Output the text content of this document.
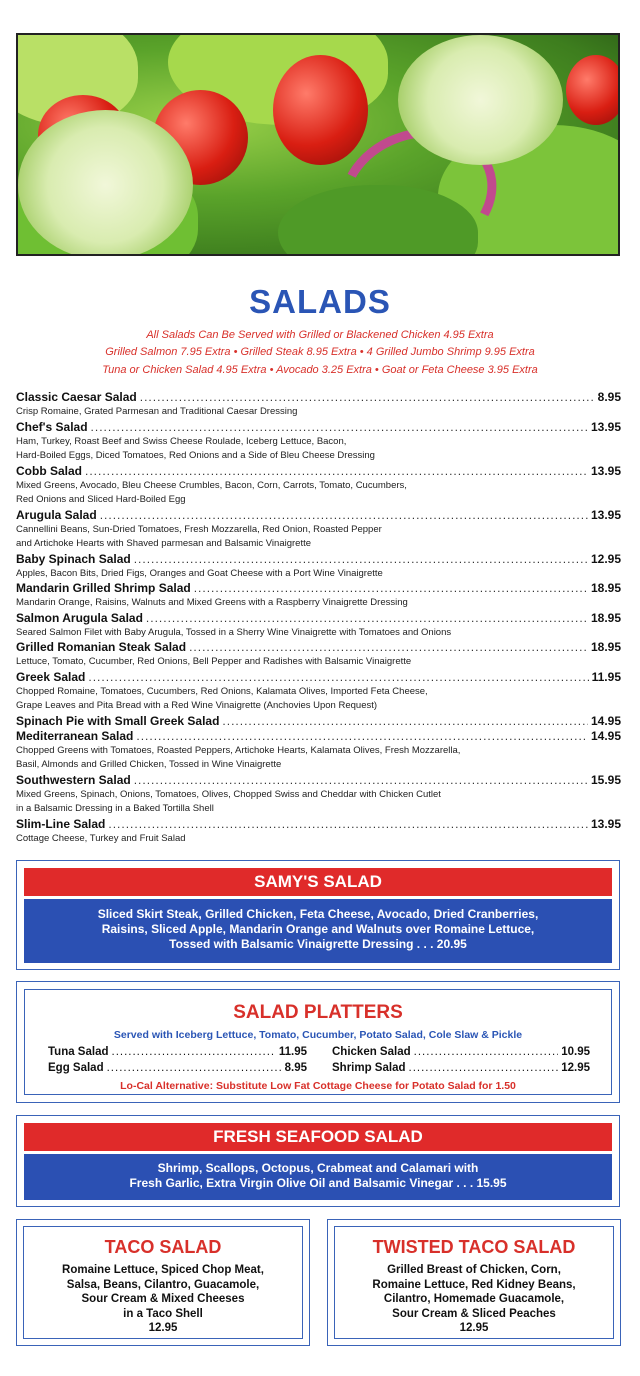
SALADS
All Salads Can Be Served with Grilled or Blackened Chicken 4.95 Extra
Grilled Salmon 7.95 Extra • Grilled Steak 8.95 Extra • 4 Grilled Jumbo Shrimp 9.95 Extra
Tuna or Chicken Salad 4.95 Extra • Avocado 3.25 Extra • Goat or Feta Cheese 3.95 Extra
Classic Caesar Salad .....	8.95
Crisp Romaine, Grated Parmesan and Traditional Caesar Dressing
Chef's Salad .....	13.95
Ham, Turkey, Roast Beef and Swiss Cheese Roulade, Iceberg Lettuce, Bacon,
Hard-Boiled Eggs, Diced Tomatoes, Red Onions and a Side of Bleu Cheese Dressing
Cobb Salad .....	13.95
Mixed Greens, Avocado, Bleu Cheese Crumbles, Bacon, Corn, Carrots, Tomato, Cucumbers,
Red Onions and Sliced Hard-Boiled Egg
Arugula Salad .....	13.95
Cannellini Beans, Sun-Dried Tomatoes, Fresh Mozzarella, Red Onion, Roasted Pepper
and Artichoke Hearts with Shaved parmesan and Balsamic Vinaigrette
Baby Spinach Salad .....	12.95
Apples, Bacon Bits, Dried Figs, Oranges and Goat Cheese with a Port Wine Vinaigrette
Mandarin Grilled Shrimp Salad .....	18.95
Mandarin Orange, Raisins, Walnuts and Mixed Greens with a Raspberry Vinaigrette Dressing
Salmon Arugula Salad .....	18.95
Seared Salmon Filet with Baby Arugula, Tossed in a Sherry Wine Vinaigrette with Tomatoes and Onions
Grilled Romanian Steak Salad .....	18.95
Lettuce, Tomato, Cucumber, Red Onions, Bell Pepper and Radishes with Balsamic Vinaigrette
Greek Salad .....	11.95
Chopped Romaine, Tomatoes, Cucumbers, Red Onions, Kalamata Olives, Imported Feta Cheese,
Grape Leaves and Pita Bread with a Red Wine Vinaigrette (Anchovies Upon Request)
Spinach Pie with Small Greek Salad .....	14.95
Mediterranean Salad .....	14.95
Chopped Greens with Tomatoes, Roasted Peppers, Artichoke Hearts, Kalamata Olives, Fresh Mozzarella,
Basil, Almonds and Grilled Chicken, Tossed in Wine Vinaigrette
Southwestern Salad .....	15.95
Mixed Greens, Spinach, Onions, Tomatoes, Olives, Chopped Swiss and Cheddar with Chicken Cutlet
in a Balsamic Dressing in a Baked Tortilla Shell
Slim-Line Salad .....	13.95
Cottage Cheese, Turkey and Fruit Salad
SAMY'S SALAD
Sliced Skirt Steak, Grilled Chicken, Feta Cheese, Avocado, Dried Cranberries,
Raisins, Sliced Apple, Mandarin Orange and Walnuts over Romaine Lettuce,
Tossed with Balsamic Vinaigrette Dressing . . . 20.95
SALAD PLATTERS
Served with Iceberg Lettuce, Tomato, Cucumber, Potato Salad, Cole Slaw & Pickle
Tuna Salad .....	11.95 Chicken Salad .....	10.95
Egg Salad .....	8.95 Shrimp Salad .....	12.95
Lo-Cal Alternative: Substitute Low Fat Cottage Cheese for Potato Salad for 1.50
FRESH SEAFOOD SALAD
Shrimp, Scallops, Octopus, Crabmeat and Calamari with
Fresh Garlic, Extra Virgin Olive Oil and Balsamic Vinegar . . . 15.95
TACO SALAD
Romaine Lettuce, Spiced Chop Meat,
Salsa, Beans, Cilantro, Guacamole,
Sour Cream & Mixed Cheeses
in a Taco Shell
12.95
TWISTED TACO SALAD
Grilled Breast of Chicken, Corn,
Romaine Lettuce, Red Kidney Beans,
Cilantro, Homemade Guacamole,
Sour Cream & Sliced Peaches
12.95
